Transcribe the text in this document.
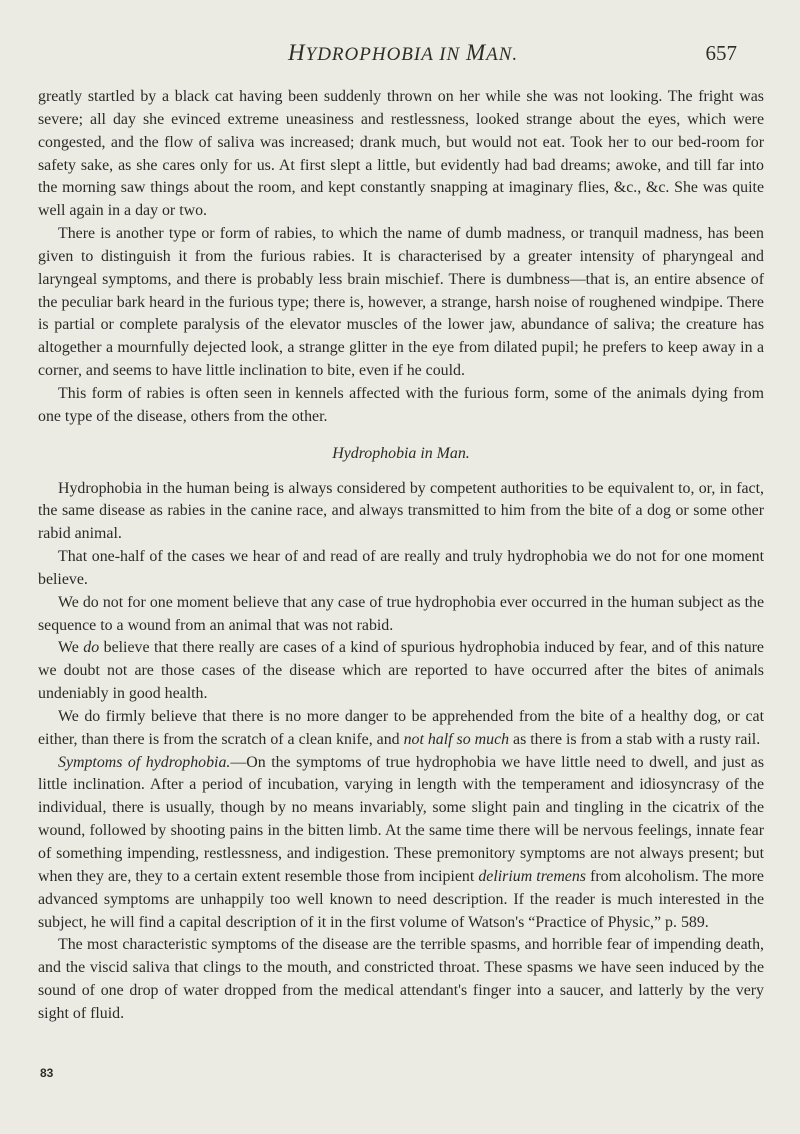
HYDROPHOBIA IN MAN.	657

greatly startled by a black cat having been suddenly thrown on her while she was not looking. The fright was severe; all day she evinced extreme uneasiness and restlessness, looked strange about the eyes, which were congested, and the flow of saliva was increased; drank much, but would not eat. Took her to our bed-room for safety sake, as she cares only for us. At first slept a little, but evidently had bad dreams; awoke, and till far into the morning saw things about the room, and kept constantly snapping at imaginary flies, &c., &c. She was quite well again in a day or two.

There is another type or form of rabies, to which the name of dumb madness, or tranquil madness, has been given to distinguish it from the furious rabies. It is characterised by a greater intensity of pharyngeal and laryngeal symptoms, and there is probably less brain mischief. There is dumbness—that is, an entire absence of the peculiar bark heard in the furious type; there is, however, a strange, harsh noise of roughened windpipe. There is partial or complete paralysis of the elevator muscles of the lower jaw, abundance of saliva; the creature has altogether a mournfully dejected look, a strange glitter in the eye from dilated pupil; he prefers to keep away in a corner, and seems to have little inclination to bite, even if he could.

This form of rabies is often seen in kennels affected with the furious form, some of the animals dying from one type of the disease, others from the other.

Hydrophobia in Man.

Hydrophobia in the human being is always considered by competent authorities to be equivalent to, or, in fact, the same disease as rabies in the canine race, and always transmitted to him from the bite of a dog or some other rabid animal.

That one-half of the cases we hear of and read of are really and truly hydrophobia we do not for one moment believe.

We do not for one moment believe that any case of true hydrophobia ever occurred in the human subject as the sequence to a wound from an animal that was not rabid.

We do believe that there really are cases of a kind of spurious hydrophobia induced by fear, and of this nature we doubt not are those cases of the disease which are reported to have occurred after the bites of animals undeniably in good health.

We do firmly believe that there is no more danger to be apprehended from the bite of a healthy dog, or cat either, than there is from the scratch of a clean knife, and not half so much as there is from a stab with a rusty rail.

Symptoms of hydrophobia.—On the symptoms of true hydrophobia we have little need to dwell, and just as little inclination. After a period of incubation, varying in length with the temperament and idiosyncrasy of the individual, there is usually, though by no means invariably, some slight pain and tingling in the cicatrix of the wound, followed by shooting pains in the bitten limb. At the same time there will be nervous feelings, innate fear of something impending, restlessness, and indigestion. These premonitory symptoms are not always present; but when they are, they to a certain extent resemble those from incipient delirium tremens from alcoholism. The more advanced symptoms are unhappily too well known to need description. If the reader is much interested in the subject, he will find a capital description of it in the first volume of Watson's “Practice of Physic,” p. 589.

The most characteristic symptoms of the disease are the terrible spasms, and horrible fear of impending death, and the viscid saliva that clings to the mouth, and constricted throat. These spasms we have seen induced by the sound of one drop of water dropped from the medical attendant's finger into a saucer, and latterly by the very sight of fluid.

83
